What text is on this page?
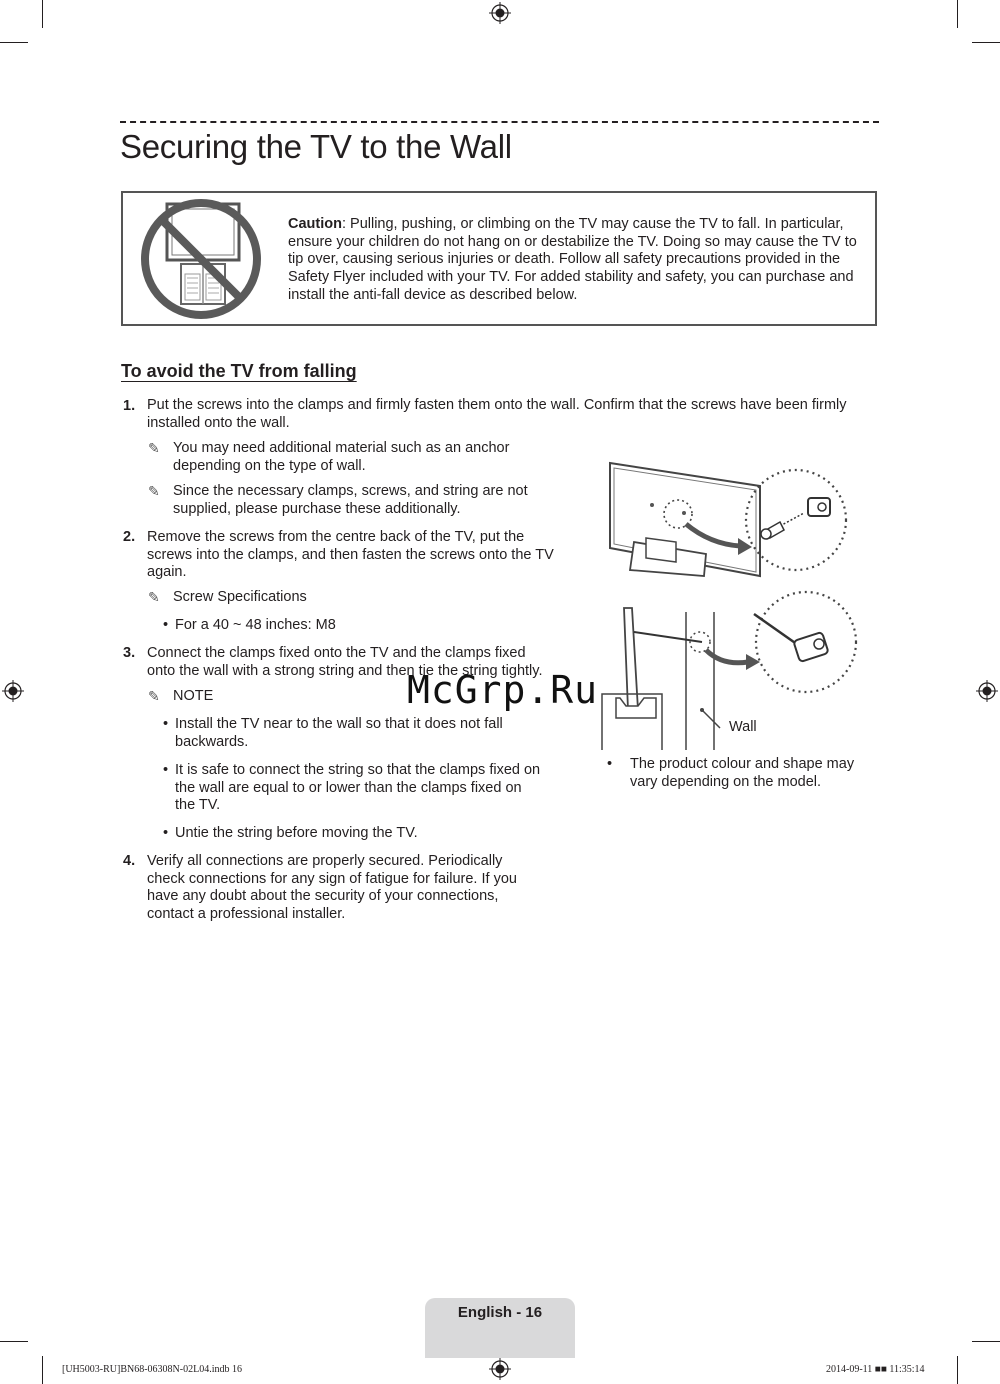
Securing the TV to the Wall
Caution: Pulling, pushing, or climbing on the TV may cause the TV to fall. In particular, ensure your children do not hang on or destabilize the TV. Doing so may cause the TV to tip over, causing serious injuries or death. Follow all safety precautions provided in the Safety Flyer included with your TV. For added stability and safety, you can purchase and install the anti-fall device as described below.
To avoid the TV from falling
1. Put the screws into the clamps and firmly fasten them onto the wall. Confirm that the screws have been firmly
installed onto the wall.
✎ You may need additional material such as an anchor depending on the type of wall.
✎ Since the necessary clamps, screws, and string are not supplied, please purchase these additionally.
2. Remove the screws from the centre back of the TV, put the screws into the clamps, and then fasten the screws onto the TV again.
✎ Screw Specifications
• For a 40 ~ 48 inches: M8
3. Connect the clamps fixed onto the TV and the clamps fixed onto the wall with a strong string and then tie the string tightly.
✎ NOTE
• Install the TV near to the wall so that it does not fall backwards.
• It is safe to connect the string so that the clamps fixed on the wall are equal to or lower than the clamps fixed on the TV.
• Untie the string before moving the TV.
4. Verify all connections are properly secured. Periodically check connections for any sign of fatigue for failure. If you have any doubt about the security of your connections, contact a professional installer.
Wall
• The product colour and shape may vary depending on the model.
McGrp.Ru
English - 16
[UH5003-RU]BN68-06308N-02L04.indb 16	2014-09-11 ■■ 11:35:14
